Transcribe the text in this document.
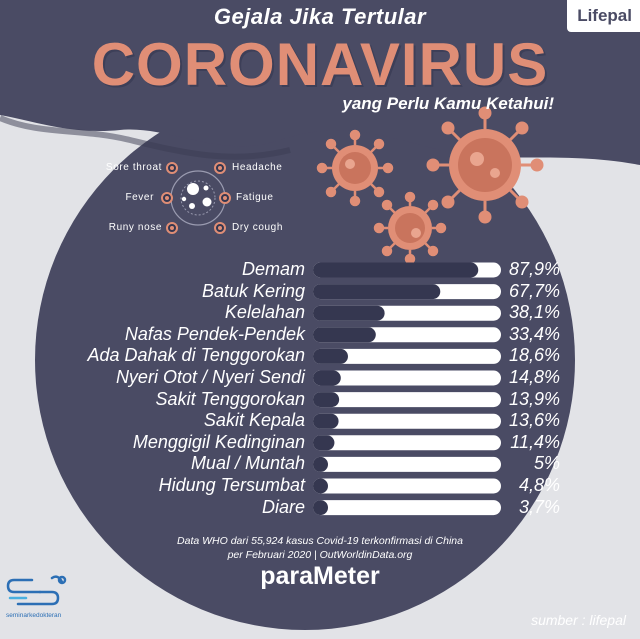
Gejala Jika Tertular
CORONAVIRUS
yang Perlu Kamu Ketahui!
Lifepal
Sore throat
Fever
Runy nose
Headache
Fatigue
Dry cough
Demam	87,9%
Batuk Kering	67,7%
Kelelahan	38,1%
Nafas Pendek-Pendek	33,4%
Ada Dahak di Tenggorokan	18,6%
Nyeri Otot / Nyeri Sendi	14,8%
Sakit Tenggorokan	13,9%
Sakit Kepala	13,6%
Menggigil Kedinginan	11,4%
Mual / Muntah	5%
Hidung Tersumbat	4,8%
Diare	3,7%
Data WHO dari 55,924 kasus Covid-19 terkonfirmasi di China
per Februari 2020 | OutWorldinData.org
paraMeter
sumber : lifepal
seminarkedokteran
